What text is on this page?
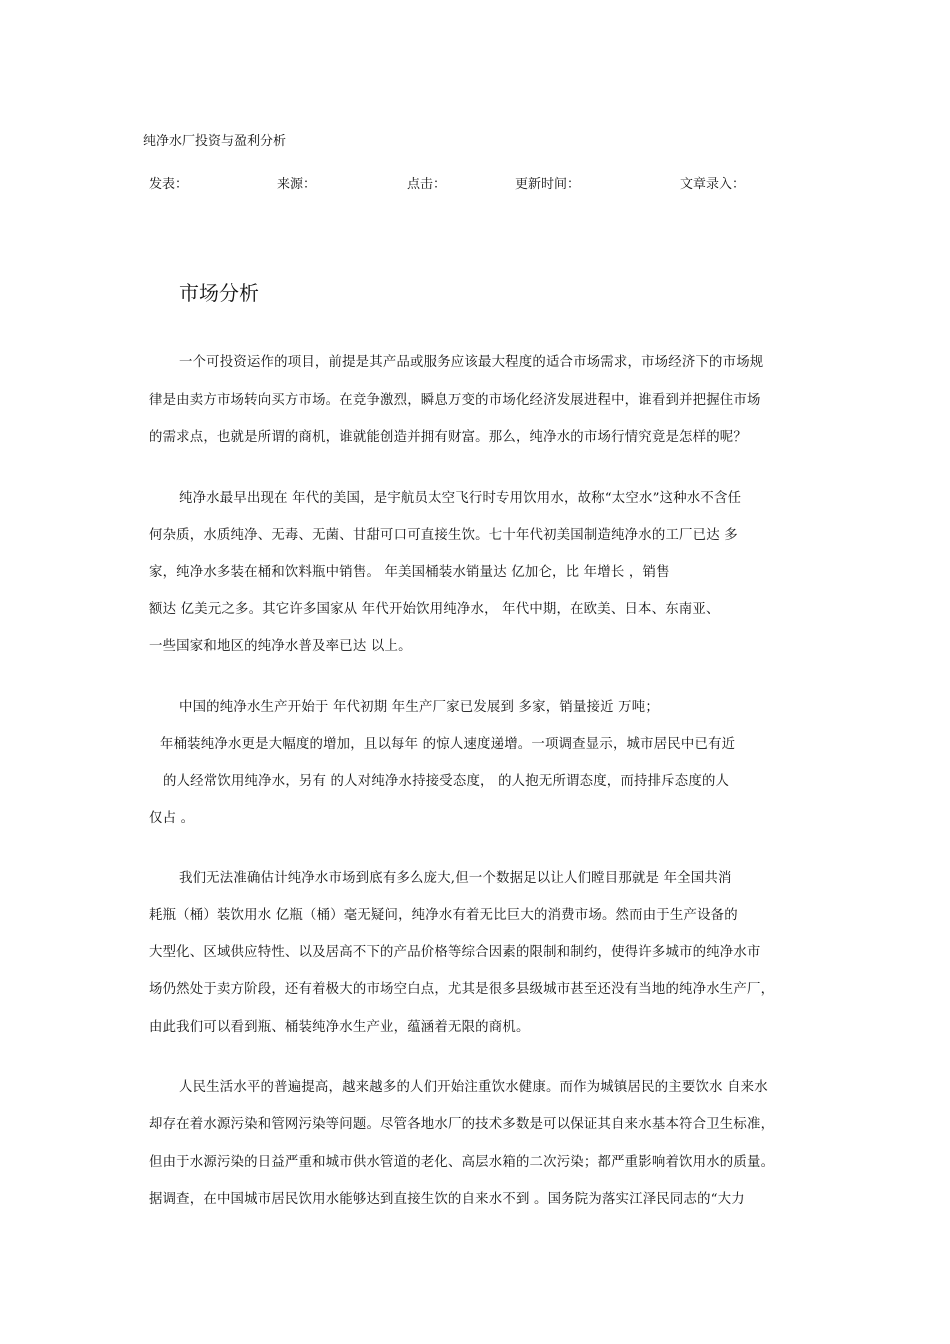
纯净水厂投资与盈利分析
发表：	来源：	点击：	更新时间：	文章录入：
市场分析
一个可投资运作的项目，前提是其产品或服务应该最大程度的适合市场需求，市场经济下的市场规
律是由卖方市场转向买方市场。在竞争激烈，瞬息万变的市场化经济发展进程中，谁看到并把握住市场
的需求点，也就是所谓的商机，谁就能创造并拥有财富。那么，纯净水的市场行情究竟是怎样的呢？
纯净水最早出现在 年代的美国，是宇航员太空飞行时专用饮用水，故称“太空水”这种水不含任
何杂质，水质纯净、无毒、无菌、甘甜可口可直接生饮。七十年代初美国制造纯净水的工厂已达 多
家，纯净水多装在桶和饮料瓶中销售。 年美国桶装水销量达 亿加仑，比 年增长 ，销售
额达 亿美元之多。其它许多国家从 年代开始饮用纯净水， 年代中期，在欧美、日本、东南亚、
一些国家和地区的纯净水普及率已达 以上。
中国的纯净水生产开始于 年代初期 年生产厂家已发展到 多家，销量接近 万吨；
年桶装纯净水更是大幅度的增加，且以每年 的惊人速度递增。一项调查显示，城市居民中已有近
的人经常饮用纯净水，另有 的人对纯净水持接受态度， 的人抱无所谓态度，而持排斥态度的人
仅占 。
我们无法准确估计纯净水市场到底有多么庞大,但一个数据足以让人们瞠目那就是 年全国共消
耗瓶（桶）装饮用水 亿瓶（桶）毫无疑问，纯净水有着无比巨大的消费市场。然而由于生产设备的
大型化、区域供应特性、以及居高不下的产品价格等综合因素的限制和制约，使得许多城市的纯净水市
场仍然处于卖方阶段，还有着极大的市场空白点，尤其是很多县级城市甚至还没有当地的纯净水生产厂，
由此我们可以看到瓶、桶装纯净水生产业，蕴涵着无限的商机。
人民生活水平的普遍提高，越来越多的人们开始注重饮水健康。而作为城镇居民的主要饮水 自来水
却存在着水源污染和管网污染等问题。尽管各地水厂的技术多数是可以保证其自来水基本符合卫生标准，
但由于水源污染的日益严重和城市供水管道的老化、高层水箱的二次污染；都严重影响着饮用水的质量。
据调查，在中国城市居民饮用水能够达到直接生饮的自来水不到 。国务院为落实江泽民同志的“大力
